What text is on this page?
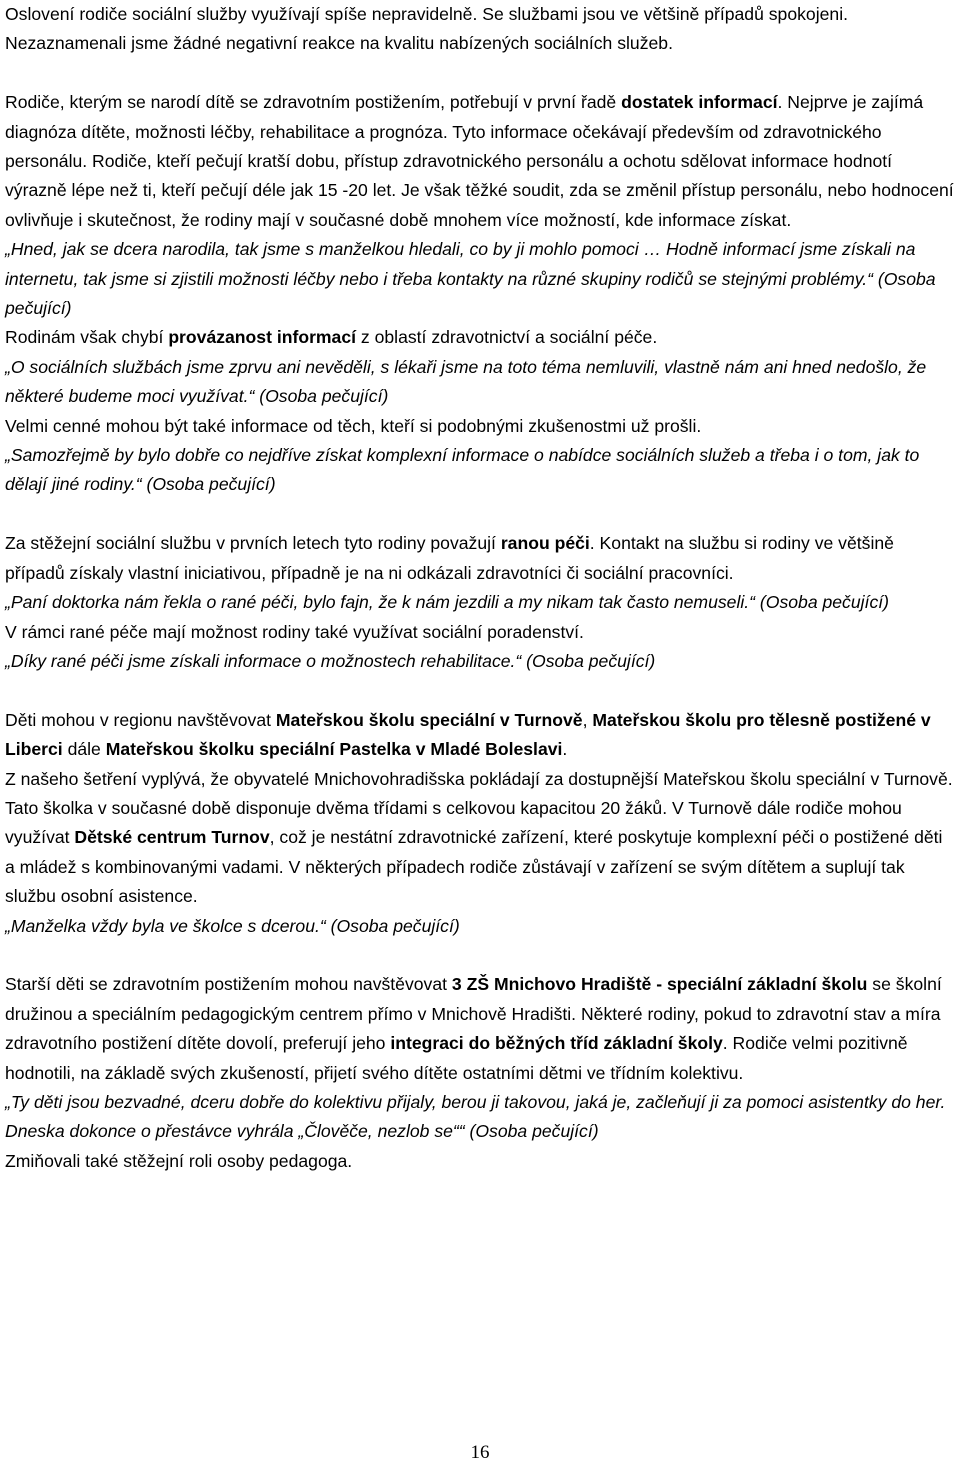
Oslovení rodiče sociální služby využívají spíše nepravidelně. Se službami jsou ve většině případů spokojeni. Nezaznamenali jsme žádné negativní reakce na kvalitu nabízených sociálních služeb.

Rodiče, kterým se narodí dítě se zdravotním postižením, potřebují v první řadě dostatek informací. Nejprve je zajímá diagnóza dítěte, možnosti léčby, rehabilitace a prognóza. Tyto informace očekávají především od zdravotnického personálu. Rodiče, kteří pečují kratší dobu, přístup zdravotnického personálu a ochotu sdělovat informace hodnotí výrazně lépe než ti, kteří pečují déle jak 15 -20 let. Je však těžké soudit, zda se změnil přístup personálu, nebo hodnocení ovlivňuje i skutečnost, že rodiny mají v současné době mnohem více možností, kde informace získat.

„Hned, jak se dcera narodila, tak jsme s manželkou hledali, co by ji mohlo pomoci … Hodně informací jsme získali na internetu, tak jsme si zjistili možnosti léčby nebo i třeba kontakty na různé skupiny rodičů se stejnými problémy.“ (Osoba pečující)

Rodinám však chybí provázanost informací z oblastí zdravotnictví a sociální péče.

„O sociálních službách jsme zprvu ani nevěděli, s lékaři jsme na toto téma nemluvili, vlastně nám ani hned nedošlo, že některé budeme moci využívat.“ (Osoba pečující)

Velmi cenné mohou být také informace od těch, kteří si podobnými zkušenostmi už prošli.

„Samozřejmě by bylo dobře co nejdříve získat komplexní informace o nabídce sociálních služeb a třeba i o tom, jak to dělají jiné rodiny.“ (Osoba pečující)

Za stěžejní sociální službu v prvních letech tyto rodiny považují ranou péči. Kontakt na službu si rodiny ve většině případů získaly vlastní iniciativou, případně je na ni odkázali zdravotníci či sociální pracovníci.

„Paní doktorka nám řekla o rané péči, bylo fajn, že k nám jezdili a my nikam tak často nemuseli.“ (Osoba pečující)

V rámci rané péče mají možnost rodiny také využívat sociální poradenství.

„Díky rané péči jsme získali informace o možnostech rehabilitace.“ (Osoba pečující)

Děti mohou v regionu navštěvovat Mateřskou školu speciální v Turnově, Mateřskou školu pro tělesně postižené v Liberci dále Mateřskou školku speciální Pastelka v Mladé Boleslavi.

Z našeho šetření vyplývá, že obyvatelé Mnichovohradišska pokládají za dostupnější Mateřskou školu speciální v Turnově. Tato školka v současné době disponuje dvěma třídami s celkovou kapacitou 20 žáků. V Turnově dále rodiče mohou využívat Dětské centrum Turnov, což je nestátní zdravotnické zařízení, které poskytuje komplexní péči o postižené děti a mládež s kombinovanými vadami. V některých případech rodiče zůstávají v zařízení se svým dítětem a suplují tak službu osobní asistence.

„Manželka vždy byla ve školce s dcerou.“ (Osoba pečující)

Starší děti se zdravotním postižením mohou navštěvovat 3 ZŠ Mnichovo Hradiště - speciální základní školu se školní družinou a speciálním pedagogickým centrem přímo v Mnichově Hradišti. Některé rodiny, pokud to zdravotní stav a míra zdravotního postižení dítěte dovolí, preferují jeho integraci do běžných tříd základní školy. Rodiče velmi pozitivně hodnotili, na základě svých zkušeností, přijetí svého dítěte ostatními dětmi ve třídním kolektivu.

„Ty děti jsou bezvadné, dceru dobře do kolektivu přijaly, berou ji takovou, jaká je, začleňují ji za pomoci asistentky do her. Dneska dokonce o přestávce vyhrála „Člověče, nezlob se““ (Osoba pečující)

Zmiňovali také stěžejní roli osoby pedagoga.

16
